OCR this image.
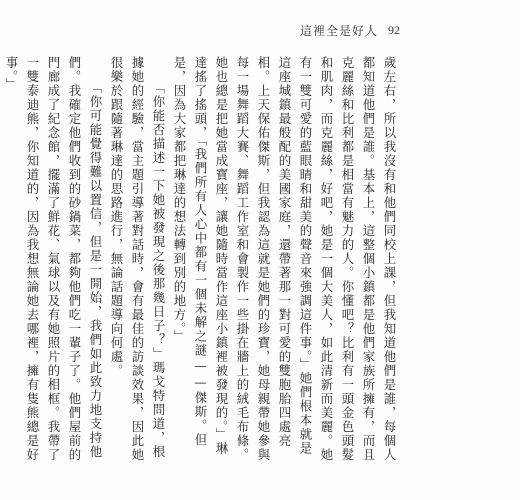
這裡全是好人 92

歲左右，所以我沒有和他們同校上課，但我知道他們是誰，每個人都知道他們是誰。基本上，這整個小鎮都是他們家族所擁有，而且克麗絲和比利都是相當有魅力的人。你懂吧？比利有一頭金色頭髮和肌肉，而克麗絲，好吧，她是一個大美人，如此清新而美麗。她有一雙可愛的藍眼睛和甜美的聲音來強調這件事。」她們根本就是這座城鎮最般配的美國家庭，還帶著那一對可愛的雙胞胎四處亮相。上天保佑傑斯，但我認為這就是她們的珍寶，她母親帶她參與每一場舞蹈大賽、舞蹈工作室和會製作一些掛在牆上的絨毛布條。她也總是把她當成寶座，讓她隨時當作這座小鎮裡被發現的。」琳達搖了搖頭，「我們所有人心中都有一個未解之謎——傑斯。但是，因為大家都把琳達的想法轉到別的地方。」

「你能否描述一下她被發現之後那幾日子？」瑪戈特問道，根據她的經驗，當主題引導著對話時，會有最佳的訪談效果，因此她很樂於跟隨著琳達的思路進行，無論話題導向何處。

「你可能覺得難以置信，但是一開始，我們如此致力地支持他們。我確定他們收到的砂鍋菜，都夠他們吃一輩子了。他們屋前的門廊成了紀念館，擺滿了鮮花、氣球以及有她照片的相框。我帶了一雙泰迪熊，你知道的，因為我想無論她去哪裡，擁有隻熊總是好事。」
